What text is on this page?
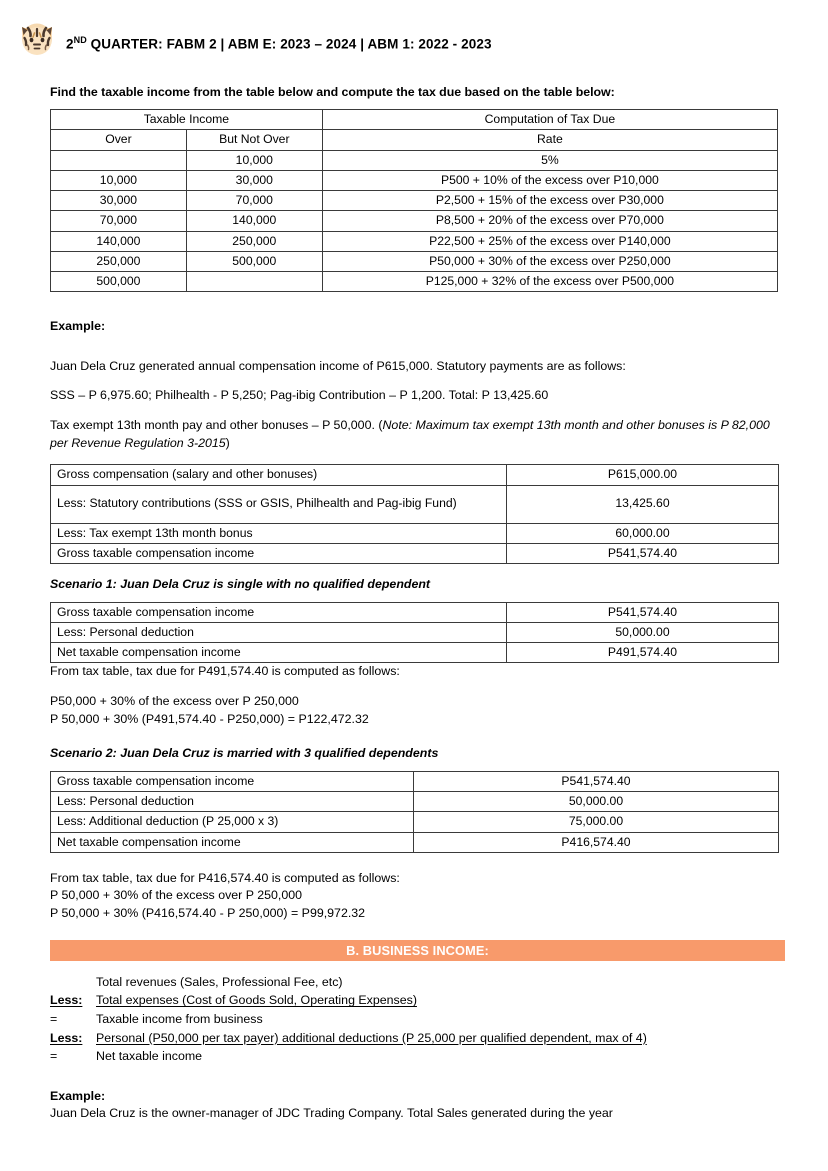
2ND QUARTER: FABM 2 | ABM E: 2023 – 2024 | ABM 1: 2022 - 2023
Find the taxable income from the table below and compute the tax due based on the table below:
Taxable Income		Computation of Tax Due
Over	But Not Over	Rate
	10,000	5%
10,000	30,000	P500 + 10% of the excess over P10,000
30,000	70,000	P2,500 + 15% of the excess over P30,000
70,000	140,000	P8,500 + 20% of the excess over P70,000
140,000	250,000	P22,500 + 25% of the excess over P140,000
250,000	500,000	P50,000 + 30% of the excess over P250,000
500,000		P125,000 + 32% of the excess over P500,000
Example:
Juan Dela Cruz generated annual compensation income of P615,000. Statutory payments are as follows:
SSS – P 6,975.60; Philhealth - P 5,250; Pag-ibig Contribution – P 1,200. Total: P 13,425.60
Tax exempt 13th month pay and other bonuses – P 50,000. (Note: Maximum tax exempt 13th month and other bonuses is P 82,000 per Revenue Regulation 3-2015)
Gross compensation (salary and other bonuses)	P615,000.00
Less: Statutory contributions (SSS or GSIS, Philhealth and Pag-ibig Fund)	13,425.60
Less: Tax exempt 13th month bonus	60,000.00
Gross taxable compensation income	P541,574.40
Scenario 1: Juan Dela Cruz is single with no qualified dependent
Gross taxable compensation income	P541,574.40
Less: Personal deduction	50,000.00
Net taxable compensation income	P491,574.40
From tax table, tax due for P491,574.40 is computed as follows:
P50,000 + 30% of the excess over P 250,000
P 50,000 + 30% (P491,574.40 - P250,000) = P122,472.32
Scenario 2: Juan Dela Cruz is married with 3 qualified dependents
Gross taxable compensation income	P541,574.40
Less: Personal deduction	50,000.00
Less: Additional deduction (P 25,000 x 3)	75,000.00
Net taxable compensation income	P416,574.40
From tax table, tax due for P416,574.40 is computed as follows:
P 50,000 + 30% of the excess over P 250,000
P 50,000 + 30% (P416,574.40 - P 250,000) = P99,972.32
B. BUSINESS INCOME:
Total revenues (Sales, Professional Fee, etc)
Less:	Total expenses (Cost of Goods Sold, Operating Expenses)
=	Taxable income from business
Less:	Personal (P50,000 per tax payer) additional deductions (P 25,000 per qualified dependent, max of 4)
=	Net taxable income
Example:
Juan Dela Cruz is the owner-manager of JDC Trading Company. Total Sales generated during the year
